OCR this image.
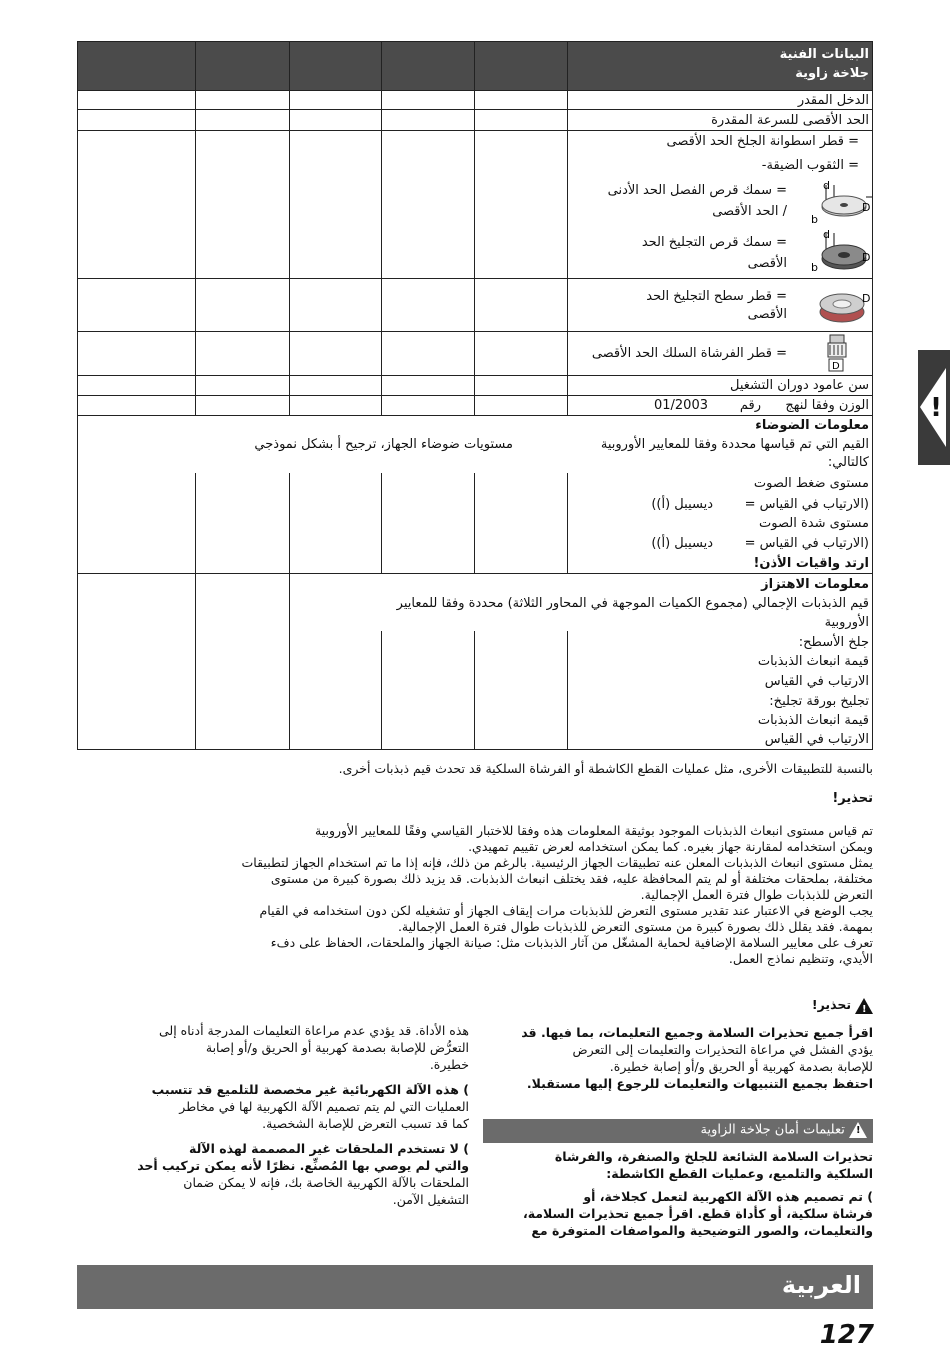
البيانات الفنية
جلاخة زاوية
الدخل المقدر
الحد الأقصى للسرعة المقدرة
= قطر اسطوانة الجلخ الحد الأقصى
= الثقوب الضيقة-
= سمك قرص الفصل الحد الأدنى
/ الحد الأقصى
= سمك قرص التجليخ الحد
الأقصى
= قطر سطح التجليخ الحد
الأقصى
= قطر الفرشاة السلك الحد الأقصى
سن عامود دوران التشغيل
الوزن وفقا لنهج
رقم
01/2003
d
D
b
d
D
b
D
D
معلومات الضوضاء
القيم التي تم قياسها محددة وفقا للمعايير الأوروبية
مستويات ضوضاء الجهاز، ترجيح أ بشكل نموذجي
كالتالي:
مستوى ضغط الصوت
(الارتياب في القياس =
ديسيبل (أ))
مستوى شدة الصوت
(الارتياب في القياس =
ديسيبل (أ))
ارتد واقيات الأذن!
معلومات الاهتزاز
قيم الذبذبات الإجمالي (مجموع الكميات الموجهة في المحاور الثلاثة) محددة وفقا للمعايير
الأوروبية
جلخ الأسطح:
قيمة انبعاث الذبذبات
الارتياب في القياس
تجليخ بورقة تجليخ:
قيمة انبعاث الذبذبات
الارتياب في القياس
!
بالنسبة للتطبيقات الأخرى، مثل عمليات القطع الكاشطة أو الفرشاة السلكية قد تحدث قيم ذبذبات أخرى.
تحذير!
تم قياس مستوى انبعاث الذبذبات الموجود بوثيقة المعلومات هذه وفقا للاختبار القياسي وفقًا للمعايير الأوروبية
ويمكن استخدامه لمقارنة جهاز بغيره. كما يمكن استخدامه لعرض تقييم تمهيدي.
يمثل مستوى انبعاث الذبذبات المعلن عنه تطبيقات الجهاز الرئيسية. بالرغم من ذلك، فإنه إذا ما تم استخدام الجهاز لتطبيقات
مختلفة، بملحقات مختلفة أو لم يتم المحافظة عليه، فقد يختلف انبعاث الذبذبات. قد يزيد ذلك بصورة كبيرة من مستوى
التعرض للذبذبات طوال فترة العمل الإجمالية.
يجب الوضع في الاعتبار عند تقدير مستوى التعرض للذبذبات مرات إيقاف الجهاز أو تشغيله لكن دون استخدامه في القيام
بمهمة. فقد يقلل ذلك بصورة كبيرة من مستوى التعرض للذبذبات طوال فترة العمل الإجمالية.
تعرف على معايير السلامة الإضافية لحماية المشغّل من آثار الذبذبات مثل: صيانة الجهاز والملحقات، الحفاظ على دفء
الأيدي، وتنظيم نماذج العمل.
!
تحذير!
اقرأ جميع تحذيرات السلامة وجميع التعليمات، بما فيها. قد
يؤدي الفشل في مراعاة التحذيرات والتعليمات إلى التعرض
للإصابة بصدمة كهربية أو الحريق و/أو إصابة خطيرة.
احتفظ بجميع التنبيهات والتعليمات للرجوع إليها مستقبلا.
!
تعليمات أمان جلاخة الزاوية
تحذيرات السلامة الشائعة للجلخ والصنفرة، والفرشاة
السلكية والتلميع، وعمليات القطع الكاشطة:
) تم تصميم هذه الآلة الكهربية لتعمل كجلاخة، أو
فرشاة سلكية، أو كأداة قطع. اقرأ جميع تحذيرات السلامة،
والتعليمات، والصور التوضيحية والمواصفات المتوفرة مع
هذه الأداة. قد يؤدي عدم مراعاة التعليمات المدرجة أدناه إلى
التعرُّض للإصابة بصدمة كهربية أو الحريق و/أو إصابة
خطيرة.
) هذه الآلة الكهربائية غير مخصصة للتلميع قد تتسبب
العمليات التي لم يتم تصميم الآلة الكهربية لها في مخاطر
كما قد تسبب التعرض للإصابة الشخصية.
) لا تستخدم الملحقات غير المصممة لهذه الآلة
والتي لم يوصي بها المُصنِّع. نظرًا لأنه يمكن تركيب أحد
الملحقات بالآلة الكهربية الخاصة بك، فإنه لا يمكن ضمان
التشغيل الآمن.
العربية
127
